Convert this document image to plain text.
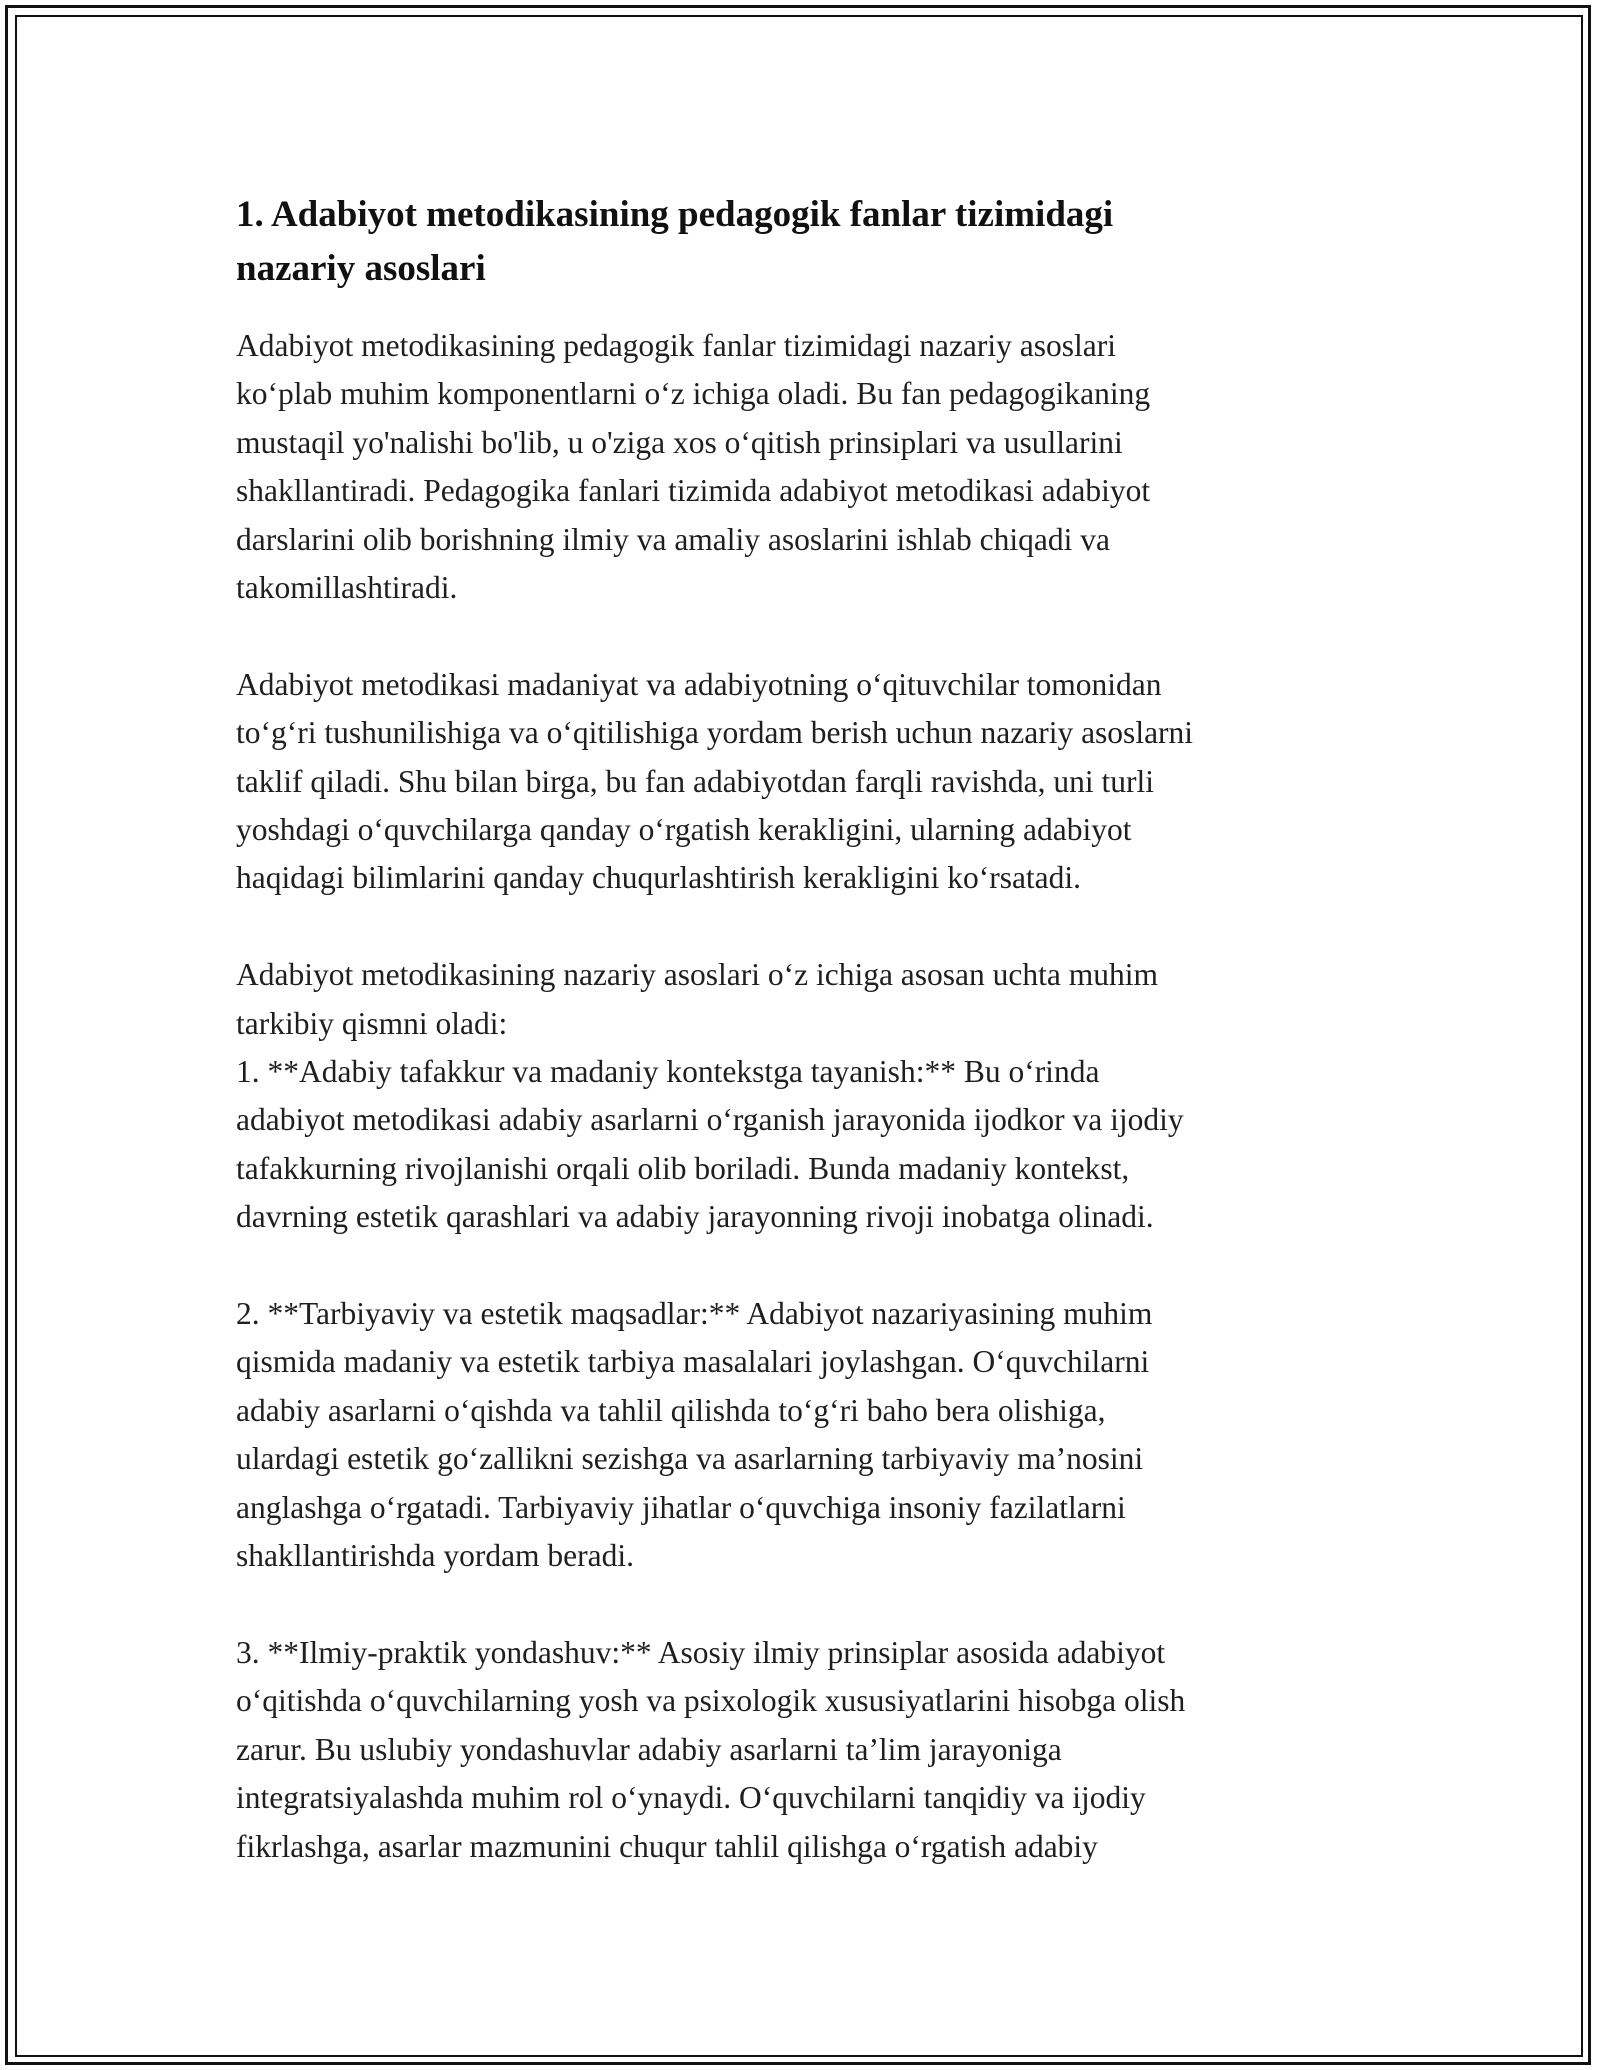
1. Adabiyot metodikasining pedagogik fanlar tizimidagi
nazariy asoslari

Adabiyot metodikasining pedagogik fanlar tizimidagi nazariy asoslari
ko‘plab muhim komponentlarni o‘z ichiga oladi. Bu fan pedagogikaning
mustaqil yo'nalishi bo'lib, u o'ziga xos o‘qitish prinsiplari va usullarini
shakllantiradi. Pedagogika fanlari tizimida adabiyot metodikasi adabiyot
darslarini olib borishning ilmiy va amaliy asoslarini ishlab chiqadi va
takomillashtiradi.

Adabiyot metodikasi madaniyat va adabiyotning o‘qituvchilar tomonidan
to‘g‘ri tushunilishiga va o‘qitilishiga yordam berish uchun nazariy asoslarni
taklif qiladi. Shu bilan birga, bu fan adabiyotdan farqli ravishda, uni turli
yoshdagi o‘quvchilarga qanday o‘rgatish kerakligini, ularning adabiyot
haqidagi bilimlarini qanday chuqurlashtirish kerakligini ko‘rsatadi.

Adabiyot metodikasining nazariy asoslari o‘z ichiga asosan uchta muhim
tarkibiy qismni oladi:
1. **Adabiy tafakkur va madaniy kontekstga tayanish:** Bu o‘rinda
adabiyot metodikasi adabiy asarlarni o‘rganish jarayonida ijodkor va ijodiy
tafakkurning rivojlanishi orqali olib boriladi. Bunda madaniy kontekst,
davrning estetik qarashlari va adabiy jarayonning rivoji inobatga olinadi.

2. **Tarbiyaviy va estetik maqsadlar:** Adabiyot nazariyasining muhim
qismida madaniy va estetik tarbiya masalalari joylashgan. O‘quvchilarni
adabiy asarlarni o‘qishda va tahlil qilishda to‘g‘ri baho bera olishiga,
ulardagi estetik go‘zallikni sezishga va asarlarning tarbiyaviy ma’nosini
anglashga o‘rgatadi. Tarbiyaviy jihatlar o‘quvchiga insoniy fazilatlarni
shakllantirishda yordam beradi.

3. **Ilmiy-praktik yondashuv:** Asosiy ilmiy prinsiplar asosida adabiyot
o‘qitishda o‘quvchilarning yosh va psixologik xususiyatlarini hisobga olish
zarur. Bu uslubiy yondashuvlar adabiy asarlarni ta’lim jarayoniga
integratsiyalashda muhim rol o‘ynaydi. O‘quvchilarni tanqidiy va ijodiy
fikrlashga, asarlar mazmunini chuqur tahlil qilishga o‘rgatish adabiy
